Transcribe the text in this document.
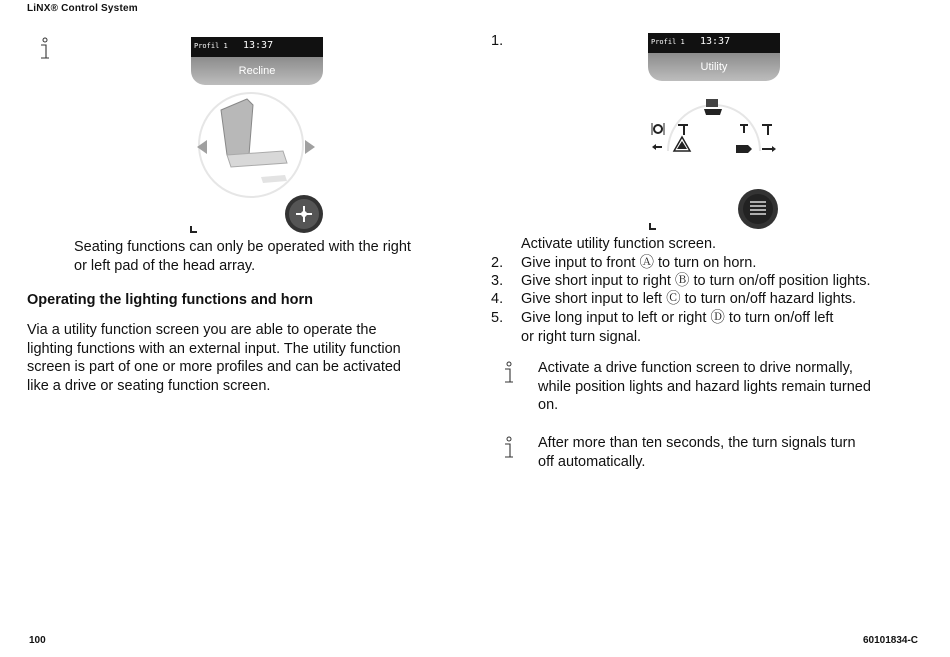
LiNX® Control System
Profil 1 13:37
Recline
Seating functions can only be operated with the right
or left pad of the head array.
Operating the lighting functions and horn
Via a utility function screen you are able to operate the
lighting functions with an external input. The utility function
screen is part of one or more profiles and can be activated
like a drive or seating function screen.
1.	Profil 1 13:37
Utility
Activate utility function screen.
2.	Give input to front Ⓐ to turn on horn.
3.	Give short input to right Ⓑ to turn on/off position lights.
4.	Give short input to left Ⓒ to turn on/off hazard lights.
5.	Give long input to left or right Ⓓ to turn on/off left
or right turn signal.
Activate a drive function screen to drive normally,
while position lights and hazard lights remain turned
on.
After more than ten seconds, the turn signals turn
off automatically.
100	60101834-C
